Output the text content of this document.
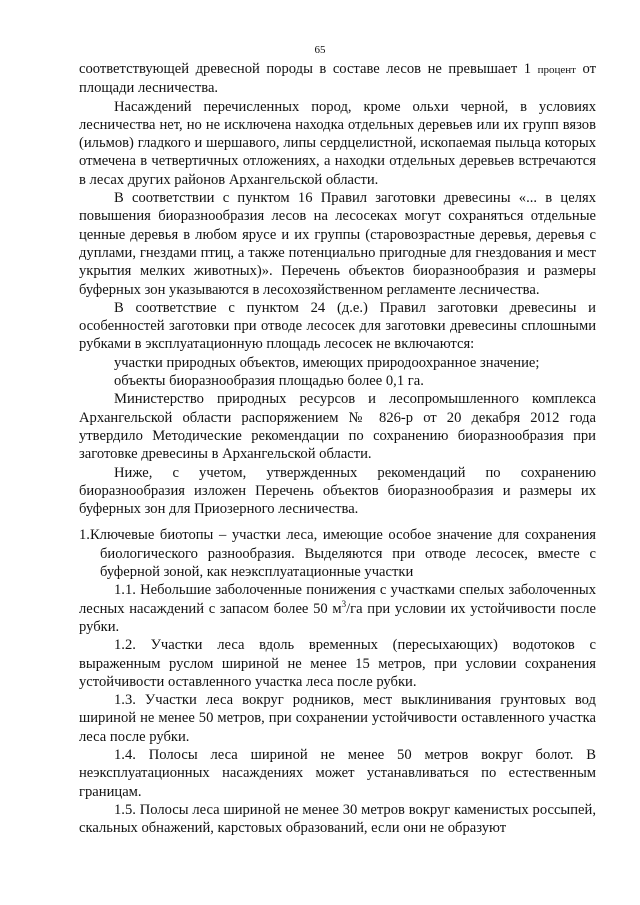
65

соответствующей древесной породы в составе лесов не превышает 1 процент от площади лесничества.

Насаждений перечисленных пород, кроме ольхи черной, в условиях лесничества нет, но не исключена находка отдельных деревьев или их групп вязов (ильмов) гладкого и шершавого, липы сердцелистной, ископаемая пыльца которых отмечена в четвертичных отложениях, а находки отдельных деревьев встречаются в лесах других районов Архангельской области.

В соответствии с пунктом 16 Правил заготовки древесины «... в целях повышения биоразнообразия лесов на лесосеках могут сохраняться отдельные ценные деревья в любом ярусе и их группы (старовозрастные деревья, деревья с дуплами, гнездами птиц, а также потенциально пригодные для гнездования и мест укрытия мелких животных)». Перечень объектов биоразнообразия и размеры буферных зон указываются в лесохозяйственном регламенте лесничества.

В соответствие с пунктом 24 (д.е.) Правил заготовки древесины и особенностей заготовки при отводе лесосек для заготовки древесины сплошными рубками в эксплуатационную площадь лесосек не включаются:

участки природных объектов, имеющих природоохранное значение;

объекты биоразнообразия площадью более 0,1 га.

Министерство природных ресурсов и лесопромышленного комплекса Архангельской области распоряжением № 826-р от 20 декабря 2012 года утвердило Методические рекомендации по сохранению биоразнообразия при заготовке древесины в Архангельской области.

Ниже, с учетом, утвержденных рекомендаций по сохранению биоразнообразия изложен Перечень объектов биоразнообразия и размеры их буферных зон для Приозерного лесничества.

1.Ключевые биотопы – участки леса, имеющие особое значение для сохранения биологического разнообразия. Выделяются при отводе лесосек, вместе с буферной зоной, как неэксплуатационные участки

1.1. Небольшие заболоченные понижения с участками спелых заболоченных лесных насаждений с запасом более 50 $м^3/га$ при условии их устойчивости после рубки.

1.2. Участки леса вдоль временных (пересыхающих) водотоков с выраженным руслом шириной не менее 15 метров, при условии сохранения устойчивости оставленного участка леса после рубки.

1.3. Участки леса вокруг родников, мест выклинивания грунтовых вод шириной не менее 50 метров, при сохранении устойчивости оставленного участка леса после рубки.

1.4. Полосы леса шириной не менее 50 метров вокруг болот. В неэксплуатационных насаждениях может устанавливаться по естественным границам.

1.5. Полосы леса шириной не менее 30 метров вокруг каменистых россыпей, скальных обнажений, карстовых образований, если они не образуют
